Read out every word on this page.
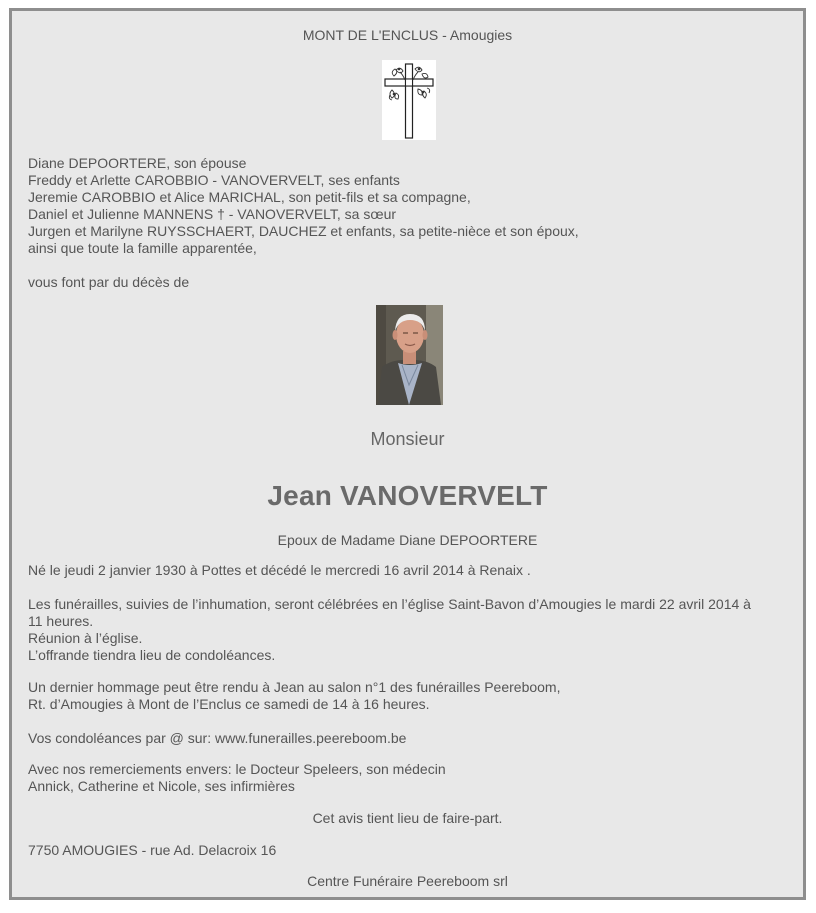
MONT DE L'ENCLUS - Amougies
Diane DEPOORTERE, son épouse
Freddy et Arlette CAROBBIO - VANOVERVELT, ses enfants
Jeremie CAROBBIO et Alice MARICHAL, son petit-fils et sa compagne,
Daniel et Julienne MANNENS † - VANOVERVELT, sa sœur
Jurgen et Marilyne RUYSSCHAERT, DAUCHEZ et enfants, sa petite-nièce et son époux,
ainsi que toute la famille apparentée,
vous font par du décès de
Monsieur
Jean VANOVERVELT
Epoux de Madame Diane DEPOORTERE
Né le jeudi 2 janvier 1930 à Pottes et décédé le mercredi 16 avril 2014 à Renaix .
Les funérailles, suivies de l’inhumation, seront célébrées en l’église Saint-Bavon d’Amougies le mardi 22 avril 2014 à
11 heures.
Réunion à l’église.
L’offrande tiendra lieu de condoléances.
Un dernier hommage peut être rendu à Jean au salon n°1 des funérailles Peereboom,
Rt. d’Amougies à Mont de l’Enclus ce samedi de 14 à 16 heures.
Vos condoléances par @ sur: www.funerailles.peereboom.be
Avec nos remerciements envers: le Docteur Speleers, son médecin
Annick, Catherine et Nicole, ses infirmières
Cet avis tient lieu de faire-part.
7750 AMOUGIES - rue Ad. Delacroix 16
Centre Funéraire Peereboom srl
